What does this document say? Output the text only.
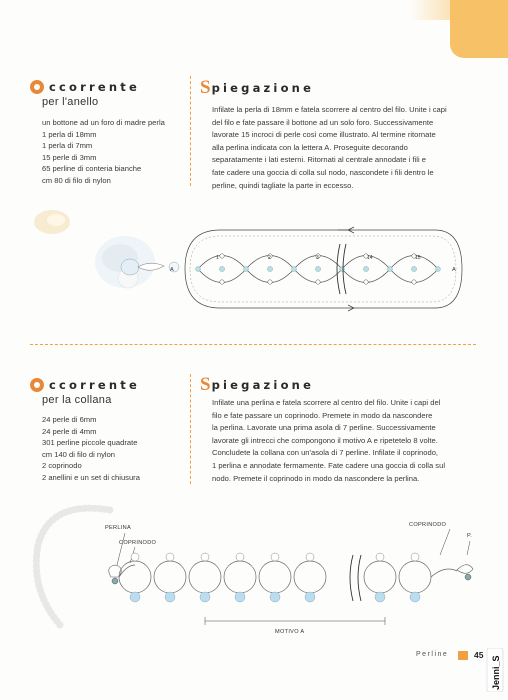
ccorrente
per l'anello
un bottone ad un foro di madre perla
1 perla di 18mm
1 perla di 7mm
15 perle di 3mm
65 perline di conteria bianche
cm 80 di filo di nylon
S piegazione
Infilate la perla di 18mm e fatela scorrere al centro del filo. Unite i capi
del filo e fate passare il bottone ad un solo foro. Successivamente
lavorate 15 incroci di perle così come illustrato. Al termine ritornate
alla perlina indicata con la lettera A. Proseguite decorando
separatamente i lati esterni. Ritornati al centrale annodate i fili e
fate cadere una goccia di colla sul nodo, nascondete i fili dentro le
perline, quindi tagliate la parte in eccesso.
1	2	3	14	15
A	A
ccorrente
per la collana
24 perle di 6mm
24 perle di 4mm
301 perline piccole quadrate
cm 140 di filo di nylon
2 coprinodo
2 anellini e un set di chiusura
S piegazione
Infilate una perlina e fatela scorrere al centro del filo. Unite i capi del
filo e fate passare un coprinodo. Premete in modo da nascondere
la perlina. Lavorate una prima asola di 7 perline. Successivamente
lavorate gli intrecci che compongono il motivo A e ripetetelo 8 volte.
Concludete la collana con un'asola di 7 perline. Infilate il coprinodo,
1 perlina e annodate fermamente. Fate cadere una goccia di colla sul
nodo. Premete il coprinodo in modo da nascondere la perlina.
PERLINA
COPRINODO
COPRINODO
P.
MOTIVO A
Perline	45
Jenni_S
